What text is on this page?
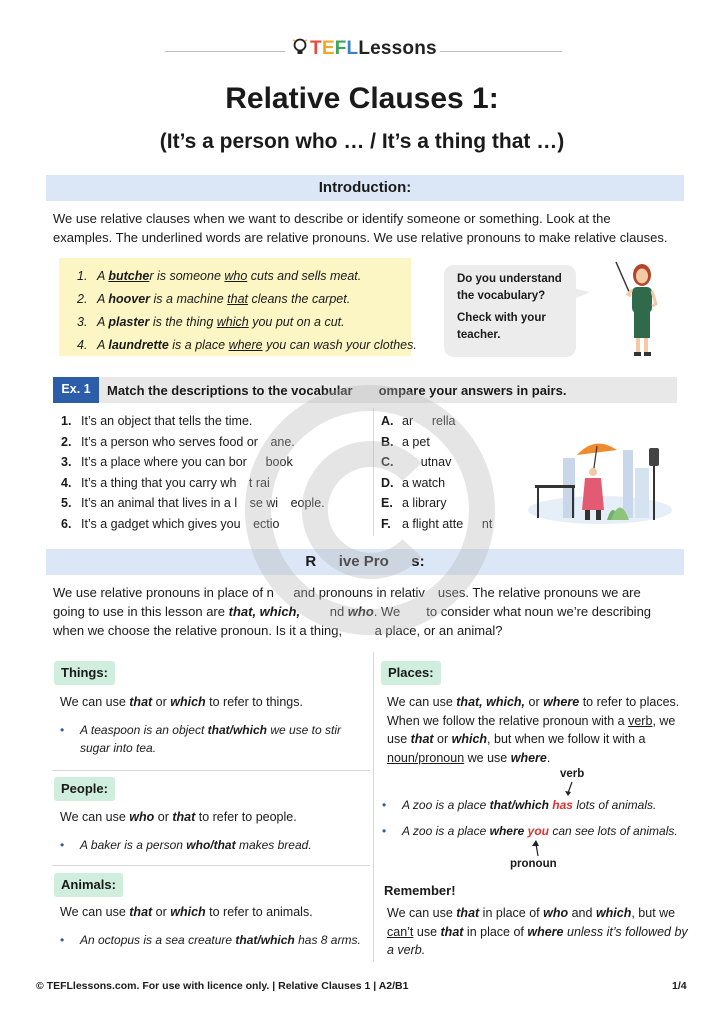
TEFLLessons
Relative Clauses 1:
(It’s a person who … / It’s a thing that …)
Introduction:
We use relative clauses when we want to describe or identify someone or something. Look at the examples. The underlined words are relative pronouns. We use relative pronouns to make relative clauses.
1. A butcher is someone who cuts and sells meat.
2. A hoover is a machine that cleans the carpet.
3. A plaster is the thing which you put on a cut.
4. A laundrette is a place where you can wash your clothes.
Do you understand the vocabulary?
Check with your teacher.
Ex. 1	Match the descriptions to the vocabular    ompare your answers in pairs.
1. It’s an object that tells the time.
2. It’s a person who serves food or  ane.
3. It’s a place where you can bor   book
4. It’s a thing that you carry wh  t rai
5. It’s an animal that lives in a l  se wi  eople.
6. It’s a gadget which gives you  ectio
A. ar   rella
B. a pet
C.   utnav
D. a watch
E. a library
F. a flight atte   nt
R   ive Pro   s:
We use relative pronouns in place of n   and pronouns in relativ  uses. The relative pronouns we are going to use in this lesson are that, which,     nd who. We    to consider what noun we’re describing when we choose the relative pronoun. Is it a thing,     a place, or an animal?
Things:
We can use that or which to refer to things.
• A teaspoon is an object that/which we use to stir sugar into tea.
People:
We can use who or that to refer to people.
• A baker is a person who/that makes bread.
Animals:
We can use that or which to refer to animals.
• An octopus is a sea creature that/which has 8 arms.
Places:
We can use that, which, or where to refer to places. When we follow the relative pronoun with a verb, we use that or which, but when we follow it with a noun/pronoun we use where.
verb
• A zoo is a place that/which has lots of animals.
• A zoo is a place where you can see lots of animals.
pronoun
Remember!
We can use that in place of who and which, but we can’t use that in place of where unless it’s followed by a verb.
© TEFLlessons.com. For use with licence only. | Relative Clauses 1 | A2/B1	1/4
